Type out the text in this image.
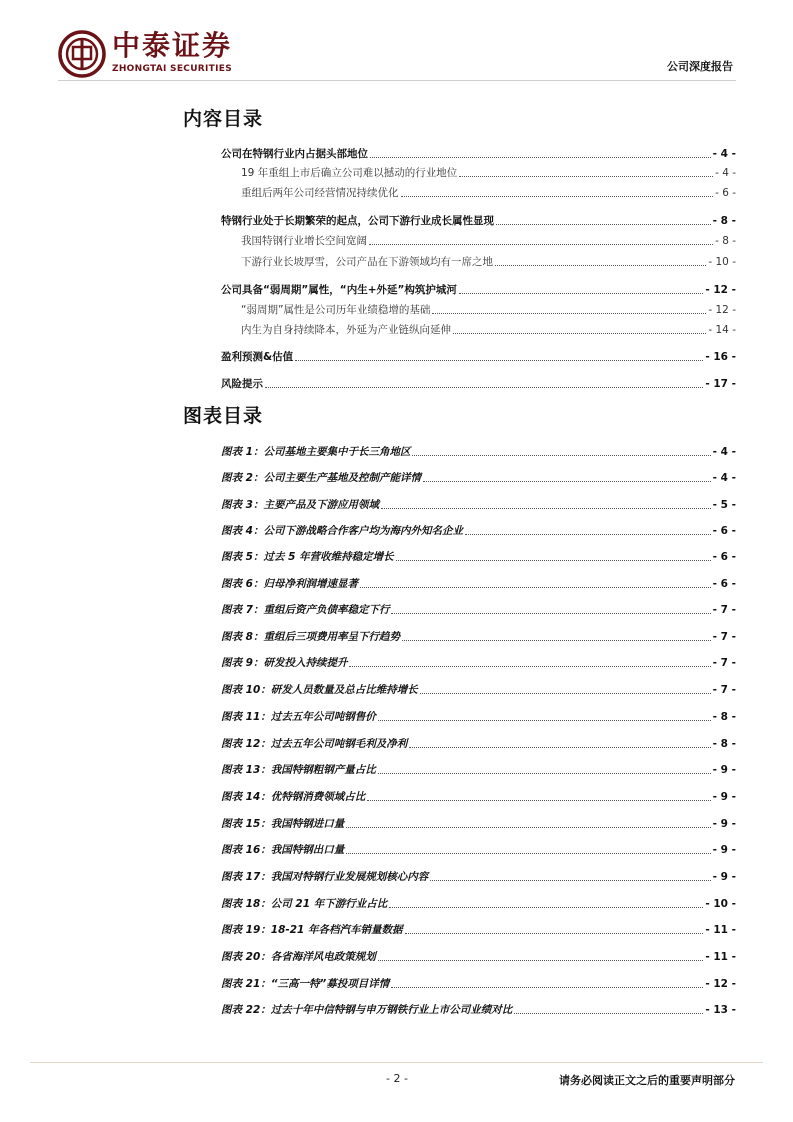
中泰证券
ZHONGTAI SECURITIES	公司深度报告
内容目录
公司在特钢行业内占据头部地位	- 4 -
19 年重组上市后确立公司难以撼动的行业地位	- 4 -
重组后两年公司经营情况持续优化	- 6 -
特钢行业处于长期繁荣的起点，公司下游行业成长属性显现	- 8 -
我国特钢行业增长空间宽阔	- 8 -
下游行业长坡厚雪，公司产品在下游领域均有一席之地	- 10 -
公司具备“弱周期”属性，“内生+外延”构筑护城河	- 12 -
“弱周期”属性是公司历年业绩稳增的基础	- 12 -
内生为自身持续降本，外延为产业链纵向延伸	- 14 -
盈利预测&估值	- 16 -
风险提示	- 17 -
图表目录
图表 1：公司基地主要集中于长三角地区	- 4 -
图表 2：公司主要生产基地及控制产能详情	- 4 -
图表 3：主要产品及下游应用领域	- 5 -
图表 4：公司下游战略合作客户均为海内外知名企业	- 6 -
图表 5：过去 5 年营收维持稳定增长	- 6 -
图表 6：归母净利润增速显著	- 6 -
图表 7：重组后资产负债率稳定下行	- 7 -
图表 8：重组后三项费用率呈下行趋势	- 7 -
图表 9：研发投入持续提升	- 7 -
图表 10：研发人员数量及总占比维持增长	- 7 -
图表 11：过去五年公司吨钢售价	- 8 -
图表 12：过去五年公司吨钢毛利及净利	- 8 -
图表 13：我国特钢粗钢产量占比	- 9 -
图表 14：优特钢消费领域占比	- 9 -
图表 15：我国特钢进口量	- 9 -
图表 16：我国特钢出口量	- 9 -
图表 17：我国对特钢行业发展规划核心内容	- 9 -
图表 18：公司 21 年下游行业占比	- 10 -
图表 19：18-21 年各档汽车销量数据	- 11 -
图表 20：各省海洋风电政策规划	- 11 -
图表 21：“三高一特”募投项目详情	- 12 -
图表 22：过去十年中信特钢与申万钢铁行业上市公司业绩对比	- 13 -
- 2 -	请务必阅读正文之后的重要声明部分
